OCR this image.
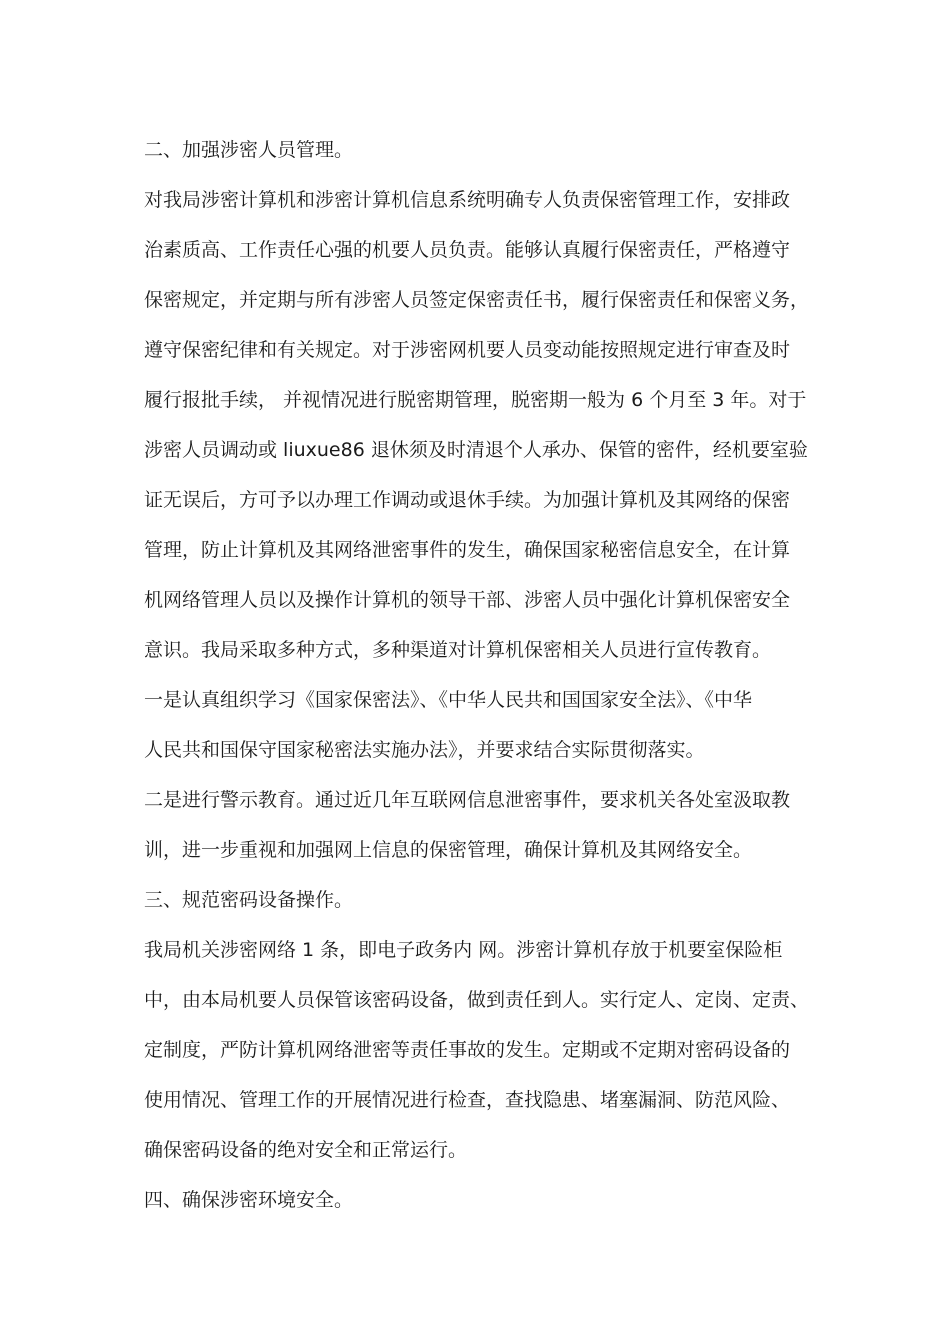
二、加强涉密人员管理。
对我局涉密计算机和涉密计算机信息系统明确专人负责保密管理工作，安排政
治素质高、工作责任心强的机要人员负责。能够认真履行保密责任，严格遵守
保密规定，并定期与所有涉密人员签定保密责任书，履行保密责任和保密义务，
遵守保密纪律和有关规定。对于涉密网机要人员变动能按照规定进行审查及时
履行报批手续， 并视情况进行脱密期管理，脱密期一般为 6 个月至 3 年。对于
涉密人员调动或 liuxue86 退休须及时清退个人承办、保管的密件，经机要室验
证无误后，方可予以办理工作调动或退休手续。为加强计算机及其网络的保密
管理，防止计算机及其网络泄密事件的发生，确保国家秘密信息安全，在计算
机网络管理人员以及操作计算机的领导干部、涉密人员中强化计算机保密安全
意识。我局采取多种方式，多种渠道对计算机保密相关人员进行宣传教育。
一是认真组织学习《国家保密法》、《中华人民共和国国家安全法》、《中华
人民共和国保守国家秘密法实施办法》，并要求结合实际贯彻落实。
二是进行警示教育。通过近几年互联网信息泄密事件，要求机关各处室汲取教
训，进一步重视和加强网上信息的保密管理，确保计算机及其网络安全。
三、规范密码设备操作。
我局机关涉密网络 1 条，即电子政务内 网。涉密计算机存放于机要室保险柜
中，由本局机要人员保管该密码设备，做到责任到人。实行定人、定岗、定责、
定制度，严防计算机网络泄密等责任事故的发生。定期或不定期对密码设备的
使用情况、管理工作的开展情况进行检查，查找隐患、堵塞漏洞、防范风险、
确保密码设备的绝对安全和正常运行。
四、确保涉密环境安全。
